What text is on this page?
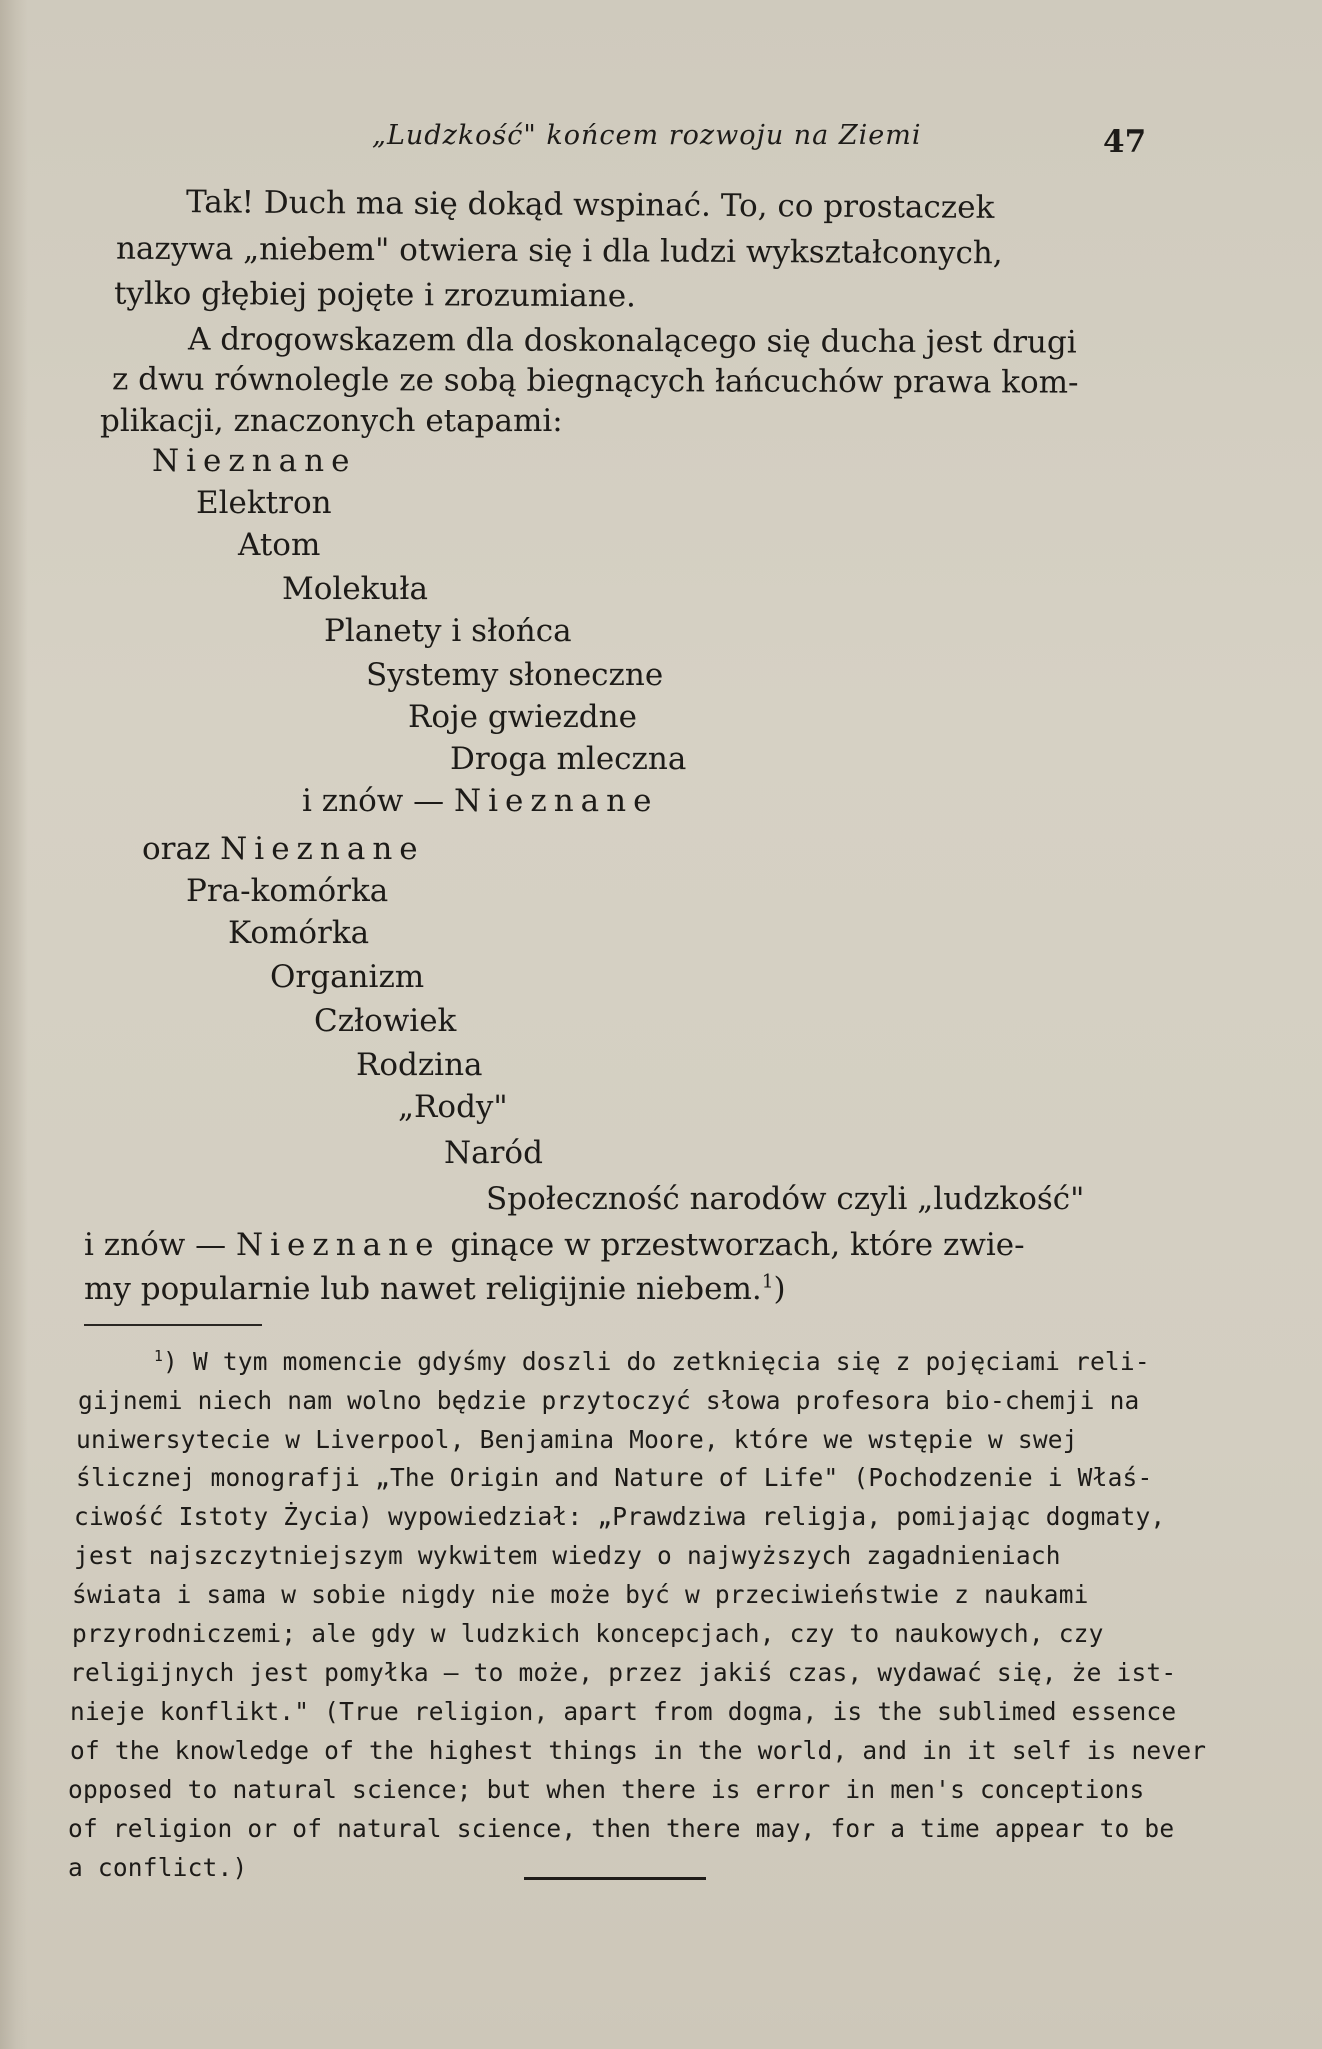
„Ludzkość" końcem rozwoju na Ziemi	47
Tak! Duch ma się dokąd wspinać. To, co prostaczek
nazywa „niebem" otwiera się i dla ludzi wykształconych,
tylko głębiej pojęte i zrozumiane.
A drogowskazem dla doskonalącego się ducha jest drugi
z dwu równolegle ze sobą biegnących łańcuchów prawa kom-
plikacji, znaczonych etapami:
Nieznane
Elektron
Atom
Molekuła
Planety i słońca
Systemy słoneczne
Roje gwiezdne
Droga mleczna
i znów — Nieznane
oraz Nieznane
Pra-komórka
Komórka
Organizm
Człowiek
Rodzina
„Rody"
Naród
Społeczność narodów czyli „ludzkość"
i znów — Nieznane ginące w przestworzach, które zwie-
my popularnie lub nawet religijnie niebem.$^1$)
$^1$) W tym momencie gdyśmy doszli do zetknięcia się z pojęciami reli-
gijnemi niech nam wolno będzie przytoczyć słowa profesora bio-chemji na
uniwersytecie w Liverpool, Benjamina Moore, które we wstępie w swej
ślicznej monografji „The Origin and Nature of Life" (Pochodzenie i Właś-
ciwość Istoty Życia) wypowiedział: „Prawdziwa religja, pomijając dogmaty,
jest najszczytniejszym wykwitem wiedzy o najwyższych zagadnieniach
świata i sama w sobie nigdy nie może być w przeciwieństwie z naukami
przyrodniczemi; ale gdy w ludzkich koncepcjach, czy to naukowych, czy
religijnych jest pomyłka — to może, przez jakiś czas, wydawać się, że ist-
nieje konflikt." (True religion, apart from dogma, is the sublimed essence
of the knowledge of the highest things in the world, and in it self is never
opposed to natural science; but when there is error in men's conceptions
of religion or of natural science, then there may, for a time appear to be
a conflict.)
